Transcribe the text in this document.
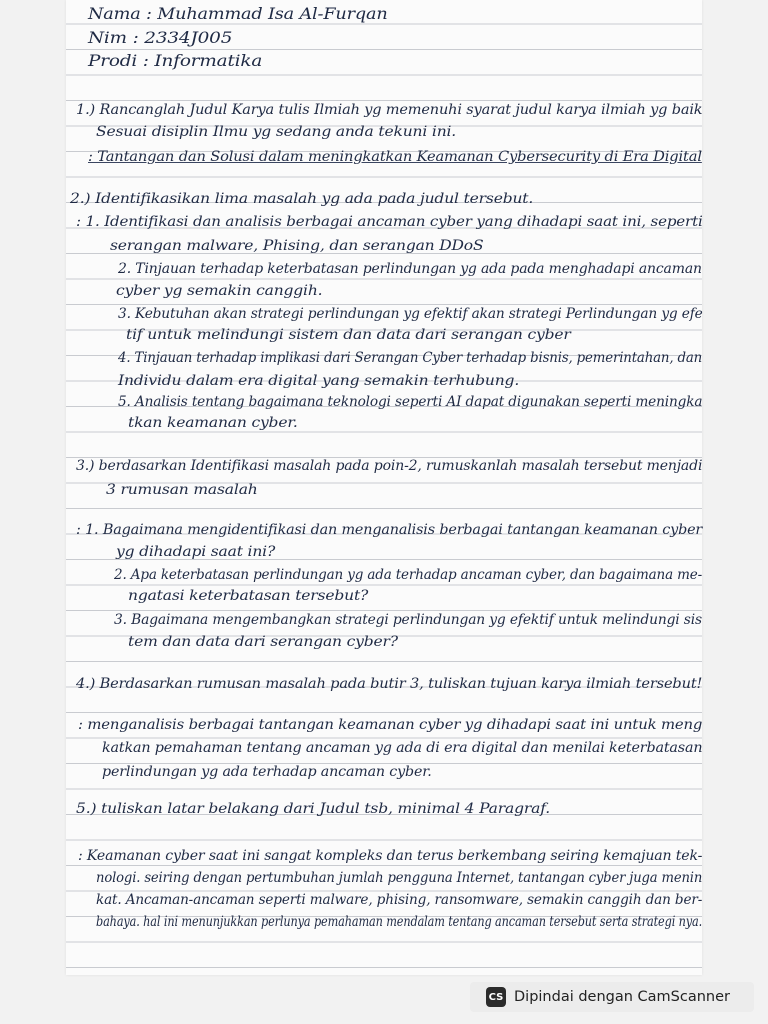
Nama : Muhammad Isa Al-Furqan

Nim : 2334J005

Prodi : Informatika

1.) Rancanglah Judul Karya tulis Ilmiah yg memenuhi syarat judul karya ilmiah yg baik

Sesuai disiplin Ilmu yg sedang anda tekuni ini.

: Tantangan dan Solusi dalam meningkatkan Keamanan Cybersecurity di Era Digital

2.) Identifikasikan lima masalah yg ada pada judul tersebut.

: 1. Identifikasi dan analisis berbagai ancaman cyber yang dihadapi saat ini, seperti

serangan malware, Phising, dan serangan DDoS

2. Tinjauan terhadap keterbatasan perlindungan yg ada pada menghadapi ancaman

cyber yg semakin canggih.

3. Kebutuhan akan strategi perlindungan yg efektif akan strategi Perlindungan yg efe

tif untuk melindungi sistem dan data dari serangan cyber

4. Tinjauan terhadap implikasi dari Serangan Cyber terhadap bisnis, pemerintahan, dan

Individu dalam era digital yang semakin terhubung.

5. Analisis tentang bagaimana teknologi seperti AI dapat digunakan seperti meningka

tkan keamanan cyber.

3.) berdasarkan Identifikasi masalah pada poin-2, rumuskanlah masalah tersebut menjadi

3 rumusan masalah

: 1. Bagaimana mengidentifikasi dan menganalisis berbagai tantangan keamanan cyber

yg dihadapi saat ini?

2. Apa keterbatasan perlindungan yg ada terhadap ancaman cyber, dan bagaimana me-

ngatasi keterbatasan tersebut?

3. Bagaimana mengembangkan strategi perlindungan yg efektif untuk melindungi sis

tem dan data dari serangan cyber?

4.) Berdasarkan rumusan masalah pada butir 3, tuliskan tujuan karya ilmiah tersebut!

: menganalisis berbagai tantangan keamanan cyber yg dihadapi saat ini untuk meng

katkan pemahaman tentang ancaman yg ada di era digital dan menilai keterbatasan

perlindungan yg ada terhadap ancaman cyber.

5.) tuliskan latar belakang dari Judul tsb, minimal 4 Paragraf.

: Keamanan cyber saat ini sangat kompleks dan terus berkembang seiring kemajuan tek-

nologi. seiring dengan pertumbuhan jumlah pengguna Internet, tantangan cyber juga menin

kat. Ancaman-ancaman seperti malware, phising, ransomware, semakin canggih dan ber-

bahaya. hal ini menunjukkan perlunya pemahaman mendalam tentang ancaman tersebut serta strategi nya.

CS Dipindai dengan CamScanner
